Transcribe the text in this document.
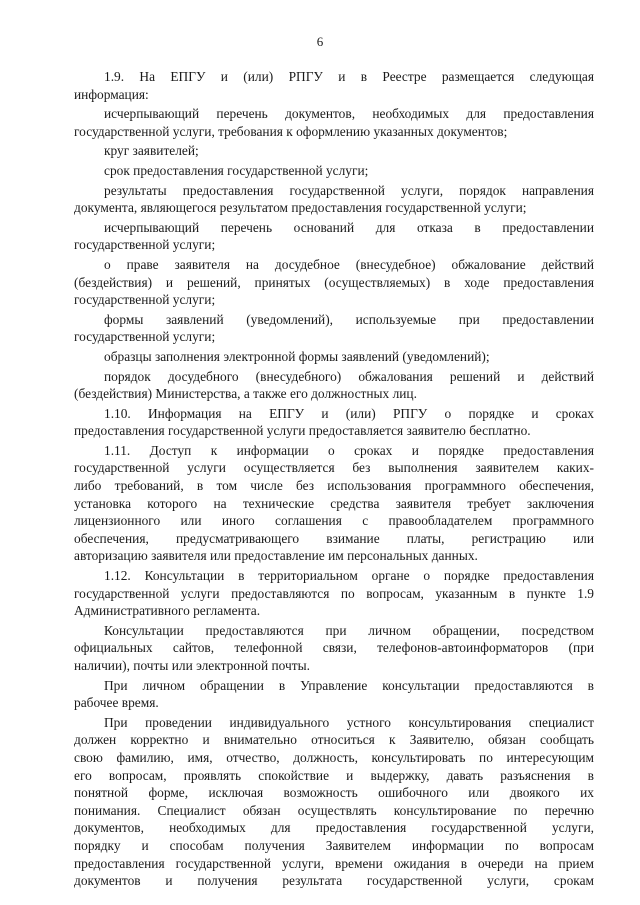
6
1.9. На ЕПГУ и (или) РПГУ и в Реестре размещается следующая
информация:
исчерпывающий перечень документов, необходимых для предоставления
государственной услуги, требования к оформлению указанных документов;
круг заявителей;
срок предоставления государственной услуги;
результаты предоставления государственной услуги, порядок направления
документа, являющегося результатом предоставления государственной услуги;
исчерпывающий перечень оснований для отказа в предоставлении
государственной услуги;
о праве заявителя на досудебное (внесудебное) обжалование действий
(бездействия) и решений, принятых (осуществляемых) в ходе предоставления
государственной услуги;
формы заявлений (уведомлений), используемые при предоставлении
государственной услуги;
образцы заполнения электронной формы заявлений (уведомлений);
порядок досудебного (внесудебного) обжалования решений и действий
(бездействия) Министерства, а также его должностных лиц.
1.10. Информация на ЕПГУ и (или) РПГУ о порядке и сроках
предоставления государственной услуги предоставляется заявителю бесплатно.
1.11. Доступ к информации о сроках и порядке предоставления
государственной услуги осуществляется без выполнения заявителем каких-
либо требований, в том числе без использования программного обеспечения,
установка которого на технические средства заявителя требует заключения
лицензионного или иного соглашения с правообладателем программного
обеспечения, предусматривающего взимание платы, регистрацию или
авторизацию заявителя или предоставление им персональных данных.
1.12. Консультации в территориальном органе о порядке предоставления
государственной услуги предоставляются по вопросам, указанным в пункте 1.9
Административного регламента.
Консультации предоставляются при личном обращении, посредством
официальных сайтов, телефонной связи, телефонов-автоинформаторов (при
наличии), почты или электронной почты.
При личном обращении в Управление консультации предоставляются в
рабочее время.
При проведении индивидуального устного консультирования специалист
должен корректно и внимательно относиться к Заявителю, обязан сообщать
свою фамилию, имя, отчество, должность, консультировать по интересующим
его вопросам, проявлять спокойствие и выдержку, давать разъяснения в
понятной форме, исключая возможность ошибочного или двоякого их
понимания. Специалист обязан осуществлять консультирование по перечню
документов, необходимых для предоставления государственной услуги,
порядку и способам получения Заявителем информации по вопросам
предоставления государственной услуги, времени ожидания в очереди на прием
документов и получения результата государственной услуги, срокам
